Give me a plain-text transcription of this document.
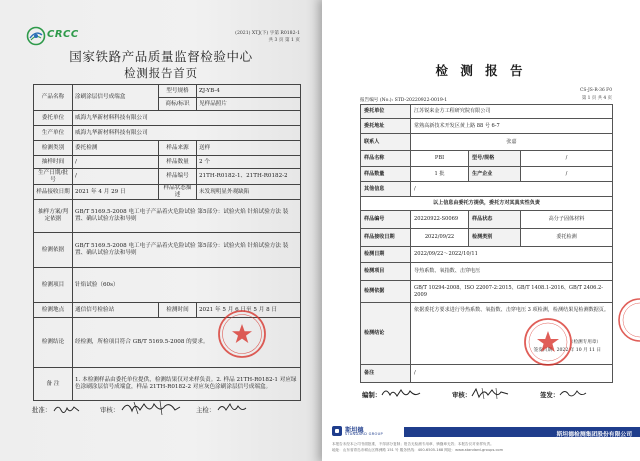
CRCC	(2021) XTJ(下) 字第 R0182-1
共 3 页 第 1 页
国家铁路产品质量监督检验中心
检测报告首页
产品名称	涂刷涂层信号成端盒	型号规格	ZJ-YB-4
		商标/标识	见样品照片
委托单位	威海九华新材料科技有限公司		
生产单位	威海九华新材料科技有限公司		
检测类别	委托检测	样品来源	送样
抽样时间	/	样品数量	2 个
生产日期/批号	/	样品编号	21TH-R0182-1、21TH-R0182-2
样品接收日期	2021 年 4 月 29 日	样品状态描述	未发现明显外观缺陷
抽样方案/判定依据	GB/T 5169.5-2008 电工电子产品着火危险试验 第5部分：试验火焰 针焰试验方法 装置、确认试验方法和导则		
检测依据	GB/T 5169.5-2008 电工电子产品着火危险试验 第5部分：试验火焰 针焰试验方法 装置、确认试验方法和导则		
检测项目	针焰试验（60s）		
检测地点	通信信号检验站	检测时间	2021 年 5 月 6 日至 5 月 8 日
检测结论	经检测，所检项目符合 GB/T 5169.5-2008 的要求。		
备 注	1. 本检测样品由委托单位提供，检测结果仅对来样负责。2. 样品 21TH-R0182-1 对应绿色涂刷涂层信号成端盒，样品 21TH-R0182-2 对应灰色涂刷涂层信号成端盒。		
批准：	审核：	主检：
CS-JS-R-36 F0
第 1 页 共 4 页
检 测 报 告
报告编号 (No.): STD-20220922-0019-1
委托单位	江苏锐来金方工程研究院有限公司		
委托地址	常熟高新技术开发区黄上路 88 号 6-7		
联系人	张嘉		
样品名称	PBI	型号/规格	/
样品数量	1 批	生产企业	/
其他信息	/		
以上信息由委托方提供，委托方对其真实性负责			
样品编号	20220922-S0069	样品状态	高分子固体材料
样品接收日期	2022/09/22	检测类别	委托检测
检测日期	2022/09/22～2022/10/11		
检测项目	导热系数、氧指数、击穿电压		
检测依据	GB/T 10294-2008、ISO 22007-2:2015、GB/T 1408.1-2016、GB/T 2406.2-2009		
检测结论	依据委托方要求进行导热系数、氧指数、击穿电压 3 项检测，检测结果见检测数据页。
（检测专用章）
签发日期：2022 年 10 月 11 日		

备注	/		
编制：	审核：	签发：
斯坦德
STANDARD GROUP	斯坦德检测集团股份有限公司
本报告未经本公司书面批准，不得部分复制；报告无检测专用章、骑缝章无效；本报告仅对来样负责。
地址：山东省青岛市崂山区株洲路 151 号 服务热线：400-6505-168 网址：www.standard-groups.com
